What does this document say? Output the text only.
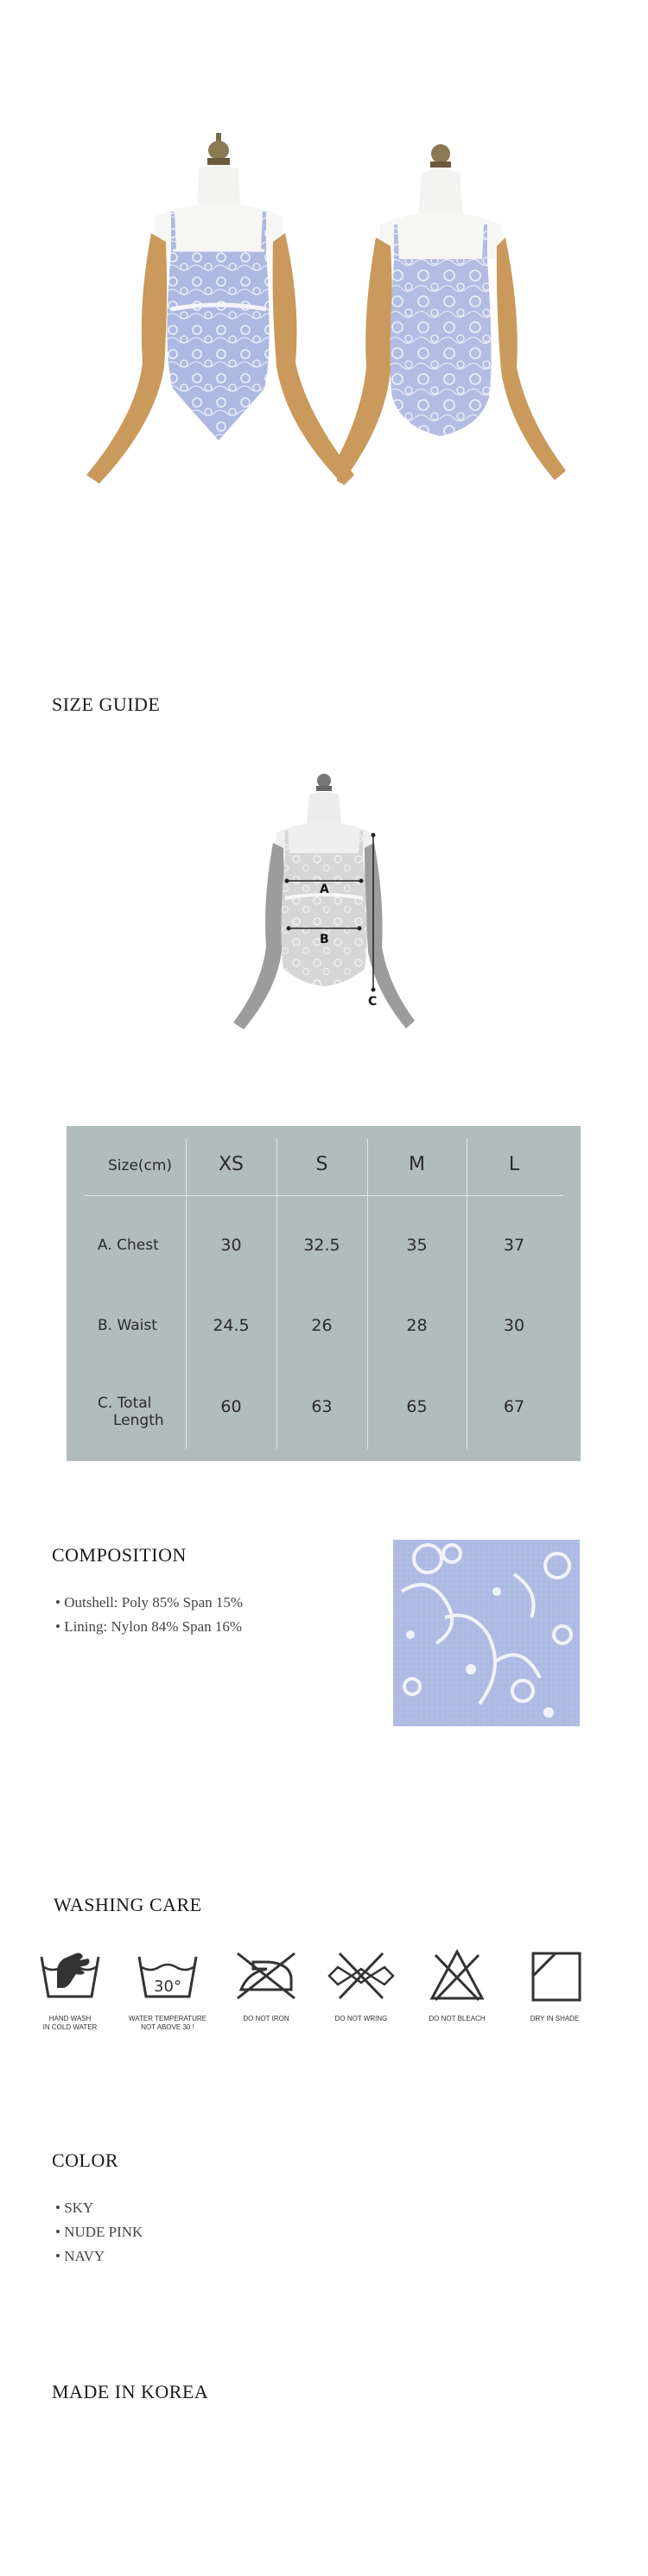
SIZE GUIDE
A
B
C
Size(cm)	XS	S	M	L
A. Chest	30	32.5	35	37
B. Waist	24.5	26	28	30
C. Total
Length
60	63	65	67
COMPOSITION
• Outshell: Poly 85% Span 15%
• Lining: Nylon 84% Span 16%
WASHING CARE
HAND WASH
IN COLD WATER
30°
WATER TEMPERATURE
NOT ABOVE 30 !
DO NOT IRON	DO NOT WRING	DO NOT BLEACH	DRY IN SHADE

COLOR
• SKY
• NUDE PINK
• NAVY
MADE IN KOREA
